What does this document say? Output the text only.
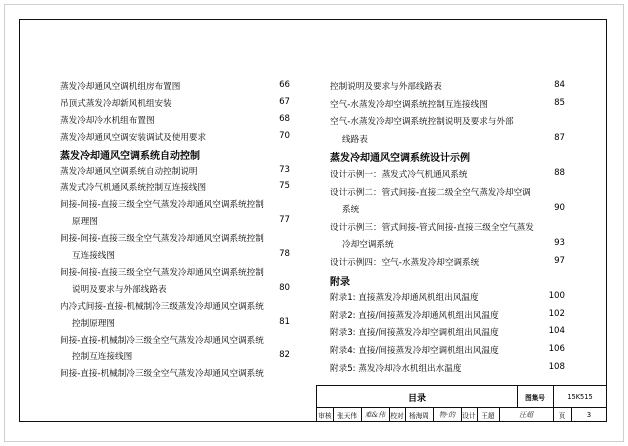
蒸发冷却通风空调机组房布置图	66
吊顶式蒸发冷却新风机组安装	67
蒸发冷却冷水机组布置图	68
蒸发冷却通风空调安装调试及使用要求	70
蒸发冷却通风空调系统自动控制
蒸发冷却通风空调系统自动控制说明	73
蒸发式冷气机通风系统控制互连接线图	75
间接-间接-直接三级全空气蒸发冷却通风空调系统控制
原理图	77
间接-间接-直接三级全空气蒸发冷却通风空调系统控制
互连接线图	78
间接-间接-直接三级全空气蒸发冷却通风空调系统控制
说明及要求与外部线路表	80
内冷式间接-直接-机械制冷三级蒸发冷却通风空调系统
控制原理图	81
间接-直接-机械制冷三级全空气蒸发冷却通风空调系统
控制互连接线图	82
间接-直接-机械制冷三级全空气蒸发冷却通风空调系统
控制说明及要求与外部线路表	84
空气-水蒸发冷却空调系统控制互连接线图	85
空气-水蒸发冷却空调系统控制说明及要求与外部
线路表	87
蒸发冷却通风空调系统设计示例
设计示例一：蒸发式冷气机通风系统	88
设计示例二：管式间接-直接二级全空气蒸发冷却空调
系统	90
设计示例三：管式间接-管式间接-直接三级全空气蒸发
冷却空调系统	93
设计示例四：空气-水蒸发冷却空调系统	97
附录
附录1: 直接蒸发冷却通风机组出风温度	100
附录2: 直接/间接蒸发冷却通风机组出风温度	102
附录3: 直接/间接蒸发冷却空调机组出风温度	104
附录4: 直接/间接蒸发冷却空调机组出风温度	106
附录5: 蒸发冷却冷水机组出水温度	108
目录	图集号	15K515
审核 张天伟	难&伟 校对 杨海周	物·的	设计 王超	汪超	页	3
